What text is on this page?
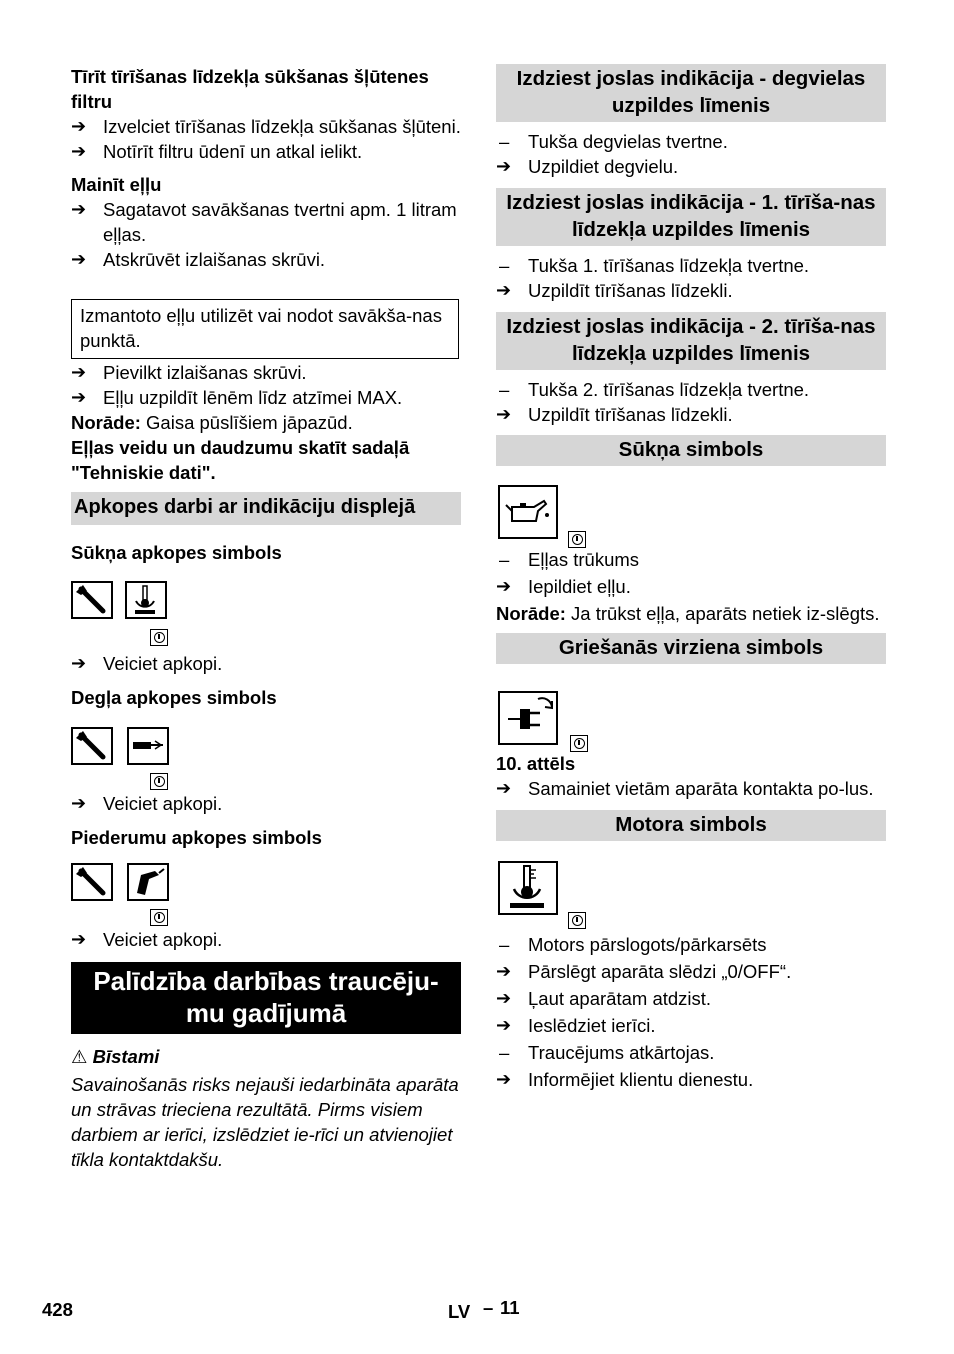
Tīrīt tīrīšanas līdzekļa sūkšanas šļūtenes filtru
➔ Izvelciet tīrīšanas līdzekļa sūkšanas šļūteni.
➔ Notīrīt filtru ūdenī un atkal ielikt.
Mainīt eļļu
➔ Sagatavot savākšanas tvertni apm. 1 litram eļļas.
➔ Atskrūvēt izlaišanas skrūvi.
Izmantoto eļļu utilizēt vai nodot savākša-nas punktā.
➔ Pievilkt izlaišanas skrūvi.
➔ Eļļu uzpildīt lēnēm līdz atzīmei MAX.
Norāde: Gaisa pūslīšiem jāpazūd.
Eļļas veidu un daudzumu skatīt sadaļā "Tehniskie dati".
Apkopes darbi ar indikāciju displejā
Sūkņa apkopes simbols
➔ Veiciet apkopi.
Degļa apkopes simbols
➔ Veiciet apkopi.
Piederumu apkopes simbols
➔ Veiciet apkopi.
Palīdzība darbības traucēju-mu gadījumā
⚠ Bīstami
Savainošanās risks nejauši iedarbināta aparāta un strāvas trieciena rezultātā. Pirms visiem darbiem ar ierīci, izslēdziet ie-rīci un atvienojiet tīkla kontaktdakšu.
Izdziest joslas indikācija - degvielas uzpildes līmenis
–	Tukša degvielas tvertne.
➔ Uzpildiet degvielu.
Izdziest joslas indikācija - 1. tīrīša-nas līdzekļa uzpildes līmenis
–	Tukša 1. tīrīšanas līdzekļa tvertne.
➔ Uzpildīt tīrīšanas līdzekli.
Izdziest joslas indikācija - 2. tīrīša-nas līdzekļa uzpildes līmenis
–	Tukša 2. tīrīšanas līdzekļa tvertne.
➔ Uzpildīt tīrīšanas līdzekli.
Sūkņa simbols
–	Eļļas trūkums
➔ Iepildiet eļļu.
Norāde: Ja trūkst eļļa, aparāts netiek iz-slēgts.
Griešanās virziena simbols
10. attēls
➔ Samainiet vietām aparāta kontakta po-lus.
Motora simbols
–	Motors pārslogots/pārkarsēts
➔ Pārslēgt aparāta slēdzi „0/OFF“.
➔ Ļaut aparātam atdzist.
➔ Ieslēdziet ierīci.
–	Traucējums atkārtojas.
➔ Informējiet klientu dienestu.
428	LV – 11
